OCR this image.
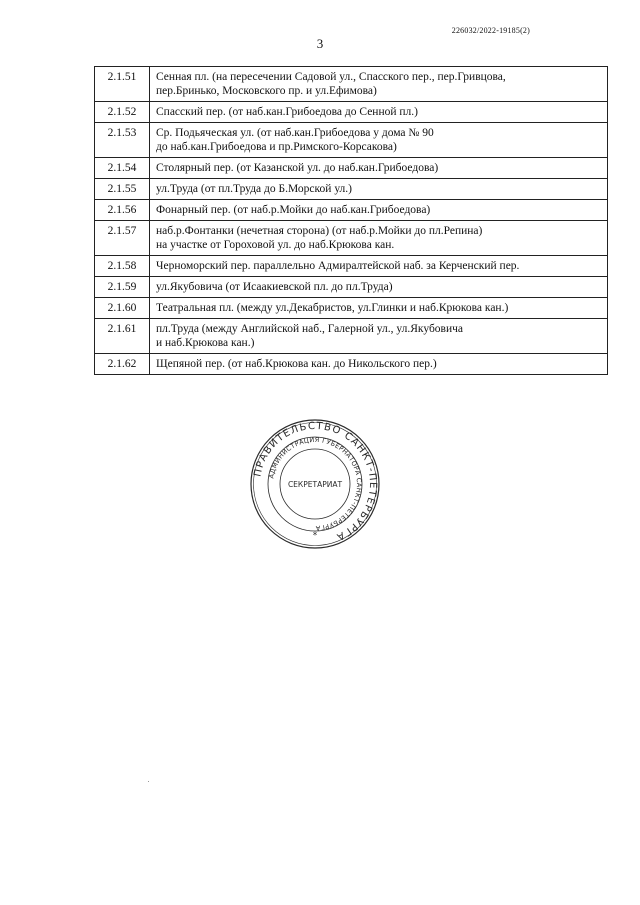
226032/2022-19185(2)
3
2.1.51	Сенная пл. (на пересечении Садовой ул., Спасского пер., пер.Гривцова,
пер.Бринько, Московского пр. и ул.Ефимова)
2.1.52	Спасский пер. (от наб.кан.Грибоедова до Сенной пл.)
2.1.53	Ср. Подьяческая ул. (от наб.кан.Грибоедова у дома № 90
до наб.кан.Грибоедова и пр.Римского-Корсакова)
2.1.54	Столярный пер. (от Казанской ул. до наб.кан.Грибоедова)
2.1.55	ул.Труда (от пл.Труда до Б.Морской ул.)
2.1.56	Фонарный пер. (от наб.р.Мойки до наб.кан.Грибоедова)
2.1.57	наб.р.Фонтанки (нечетная сторона) (от наб.р.Мойки до пл.Репина)
на участке от Гороховой ул. до наб.Крюкова кан.
2.1.58	Черноморский пер. параллельно Адмиралтейской наб. за Керченский пер.
2.1.59	ул.Якубовича (от Исаакиевской пл. до пл.Труда)
2.1.60	Театральная пл. (между ул.Декабристов, ул.Глинки и наб.Крюкова кан.)
2.1.61	пл.Труда (между Английской наб., Галерной ул., ул.Якубовича
и наб.Крюкова кан.)
2.1.62	Щепяной пер. (от наб.Крюкова кан. до Никольского пер.)
ПРАВИТЕЛЬСТВО САНКТ-ПЕТЕРБУРГА
АДМИНИСТРАЦИЯ ГУБЕРНАТОРА САНКТ-ПЕТЕРБУРГА
СЕКРЕТАРИАТ
*
